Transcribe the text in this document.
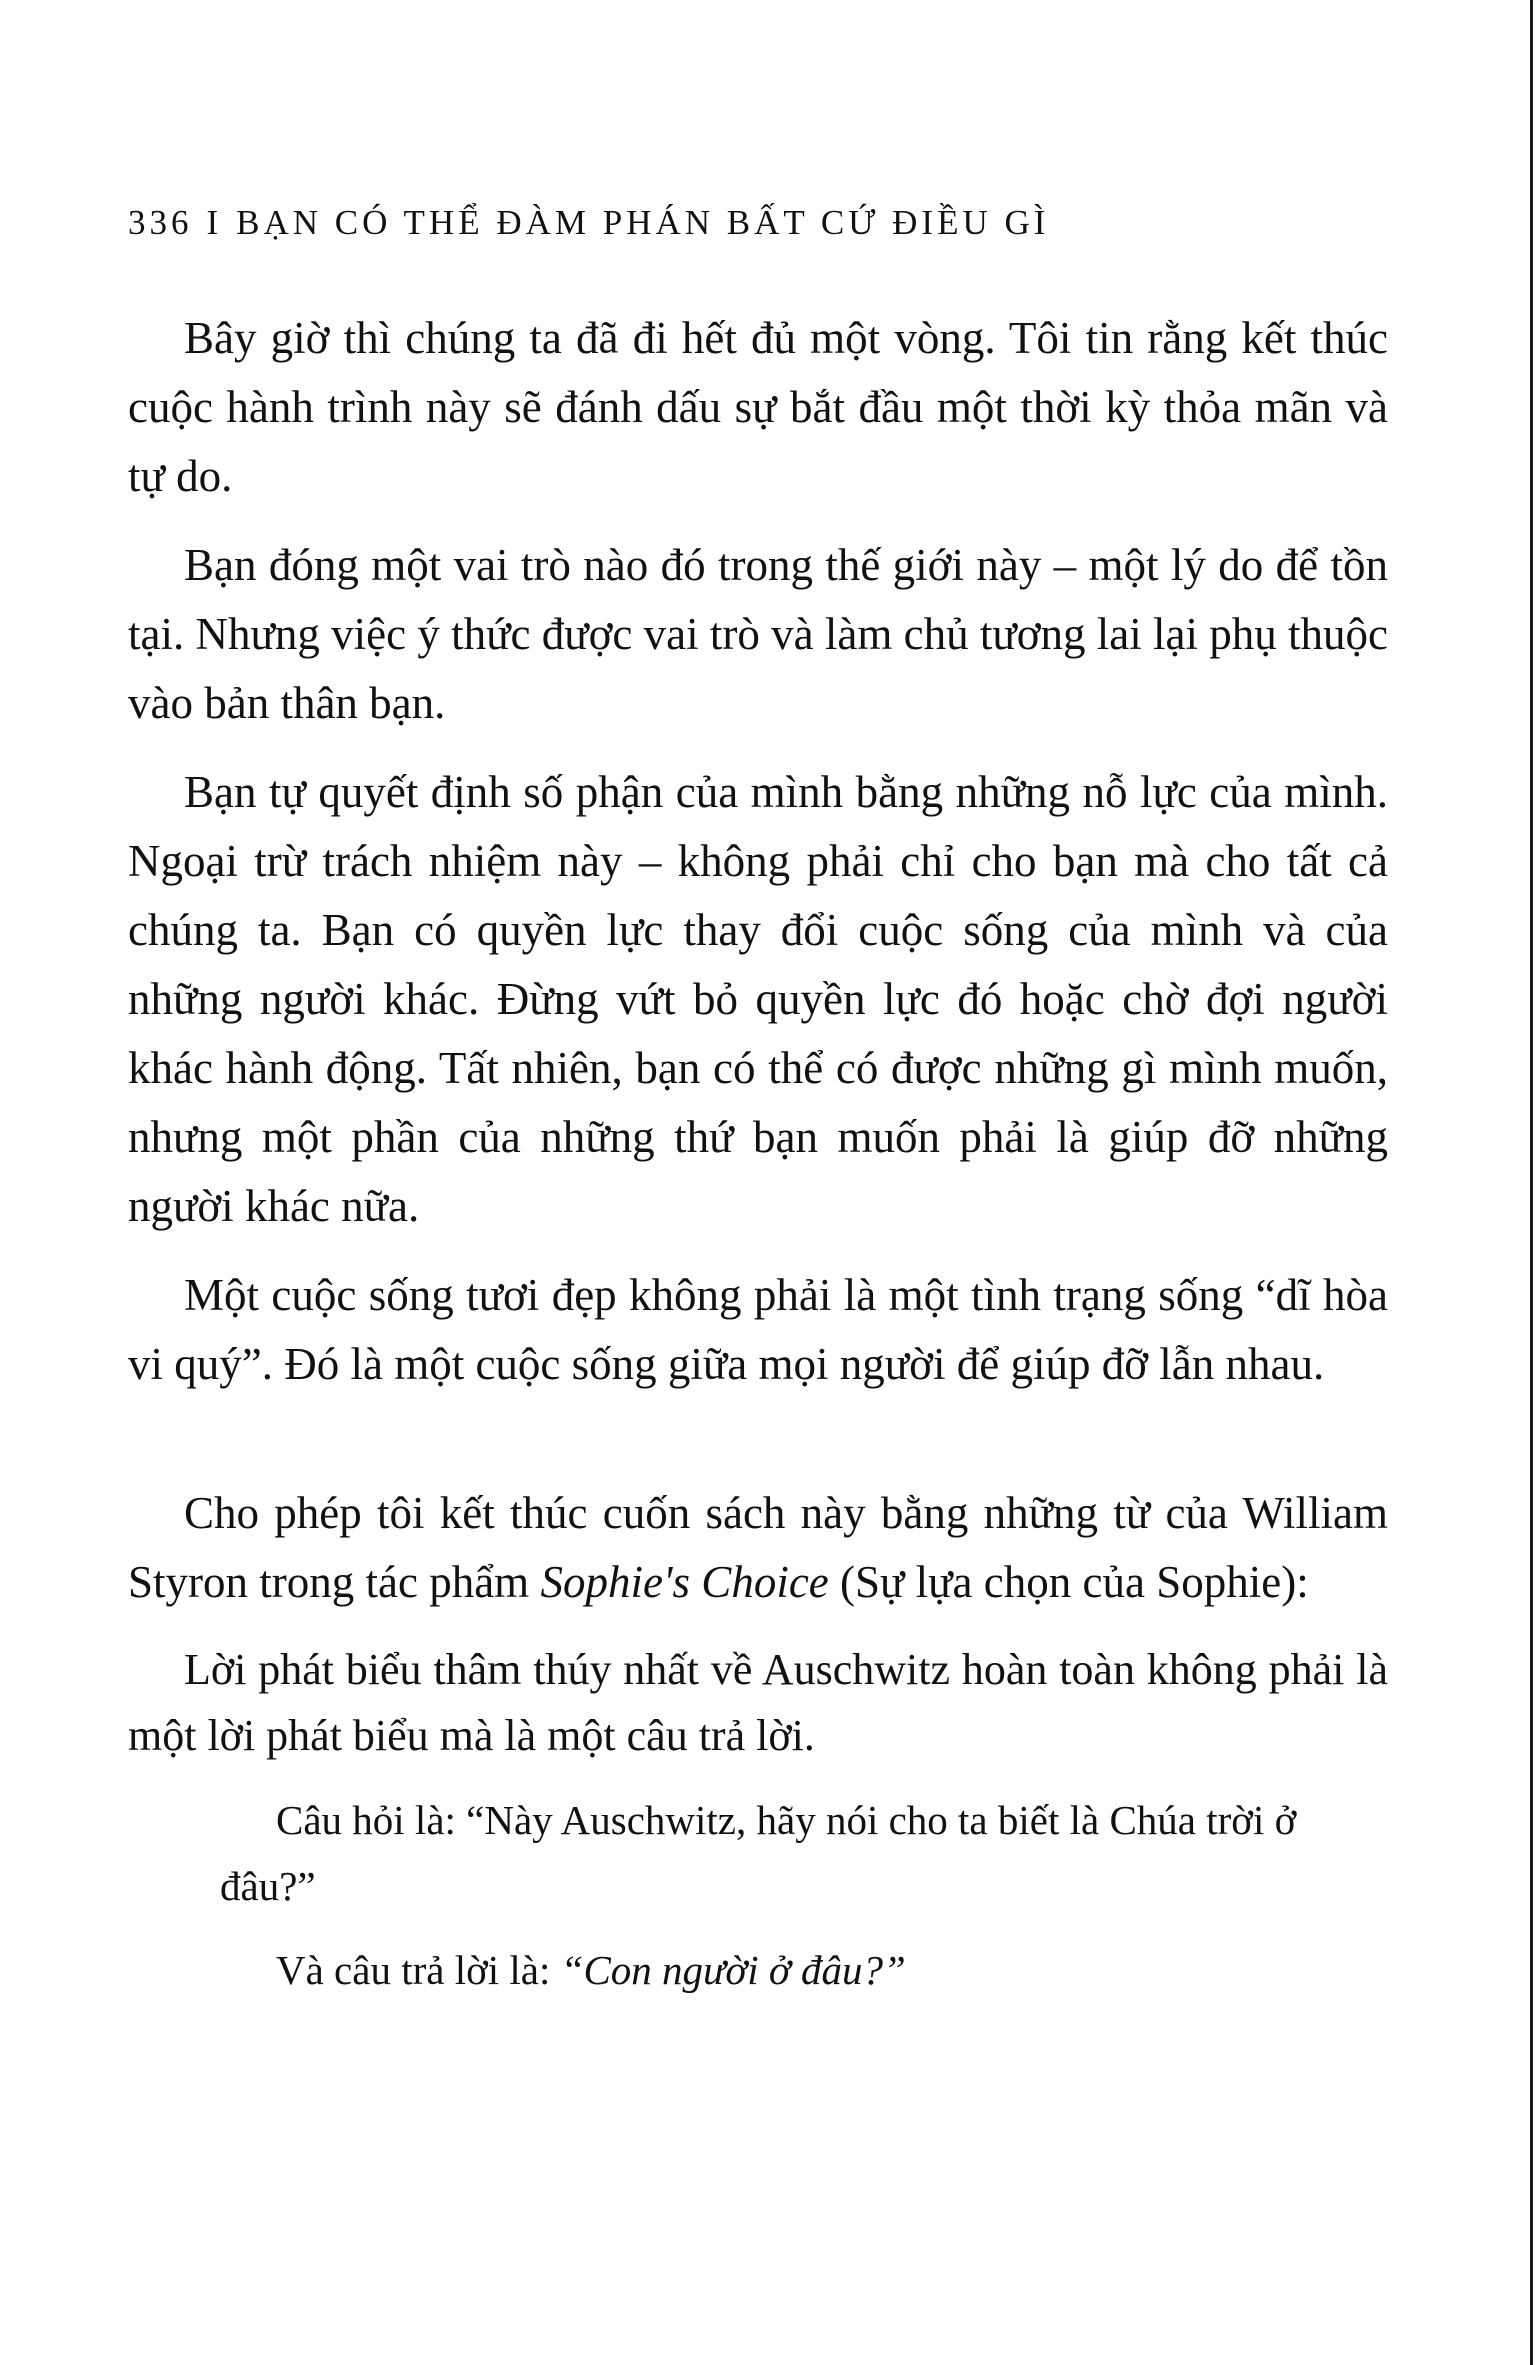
336 I BẠN CÓ THỂ ĐÀM PHÁN BẤT CỨ ĐIỀU GÌ

Bây giờ thì chúng ta đã đi hết đủ một vòng. Tôi tin rằng kết thúc cuộc hành trình này sẽ đánh dấu sự bắt đầu một thời kỳ thỏa mãn và tự do.

Bạn đóng một vai trò nào đó trong thế giới này – một lý do để tồn tại. Nhưng việc ý thức được vai trò và làm chủ tương lai lại phụ thuộc vào bản thân bạn.

Bạn tự quyết định số phận của mình bằng những nỗ lực của mình. Ngoại trừ trách nhiệm này – không phải chỉ cho bạn mà cho tất cả chúng ta. Bạn có quyền lực thay đổi cuộc sống của mình và của những người khác. Đừng vứt bỏ quyền lực đó hoặc chờ đợi người khác hành động. Tất nhiên, bạn có thể có được những gì mình muốn, nhưng một phần của những thứ bạn muốn phải là giúp đỡ những người khác nữa.

Một cuộc sống tươi đẹp không phải là một tình trạng sống “dĩ hòa vi quý”. Đó là một cuộc sống giữa mọi người để giúp đỡ lẫn nhau.

Cho phép tôi kết thúc cuốn sách này bằng những từ của William Styron trong tác phẩm Sophie's Choice (Sự lựa chọn của Sophie):

Lời phát biểu thâm thúy nhất về Auschwitz hoàn toàn không phải là một lời phát biểu mà là một câu trả lời.

Câu hỏi là: “Này Auschwitz, hãy nói cho ta biết là Chúa trời ở đâu?”

Và câu trả lời là: “Con người ở đâu?”
